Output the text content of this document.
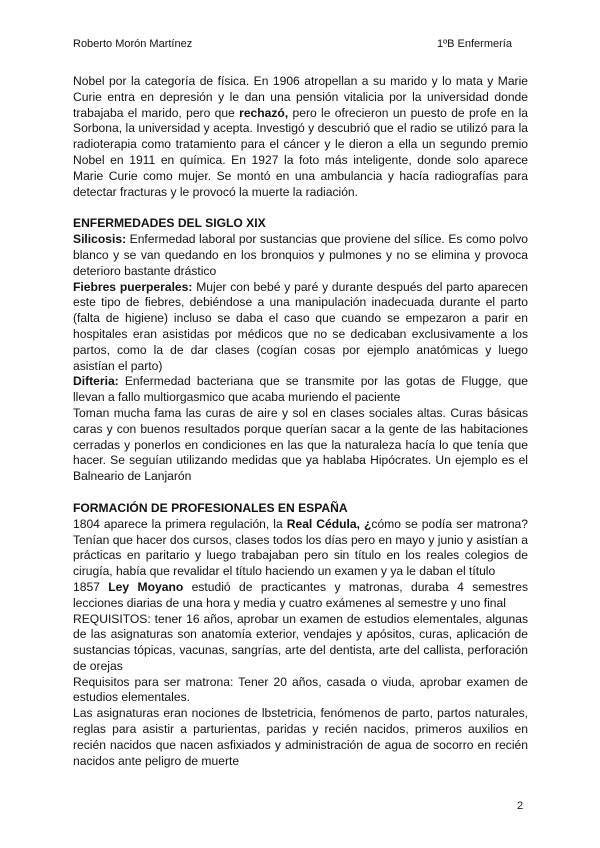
Roberto Morón Martínez	1ºB Enfermería

Nobel por la categoría de física. En 1906 atropellan a su marido y lo mata y Marie Curie entra en depresión y le dan una pensión vitalicia por la universidad donde trabajaba el marido, pero que rechazó, pero le ofrecieron un puesto de profe en la Sorbona, la universidad y acepta. Investigó y descubrió que el radio se utilizó para la radioterapia como tratamiento para el cáncer y le dieron a ella un segundo premio Nobel en 1911 en química. En 1927 la foto más inteligente, donde solo aparece Marie Curie como mujer. Se montó en una ambulancia y hacía radiografías para detectar fracturas y le provocó la muerte la radiación.

ENFERMEDADES DEL SIGLO XIX

Silicosis: Enfermedad laboral por sustancias que proviene del sílice. Es como polvo blanco y se van quedando en los bronquios y pulmones y no se elimina y provoca deterioro bastante drástico

Fiebres puerperales: Mujer con bebé y paré y durante después del parto aparecen este tipo de fiebres, debiéndose a una manipulación inadecuada durante el parto (falta de higiene) incluso se daba el caso que cuando se empezaron a parir en hospitales eran asistidas por médicos que no se dedicaban exclusivamente a los partos, como la de dar clases (cogían cosas por ejemplo anatómicas y luego asistían el parto)

Difteria: Enfermedad bacteriana que se transmite por las gotas de Flugge, que llevan a fallo multiorgasmico que acaba muriendo el paciente

Toman mucha fama las curas de aire y sol en clases sociales altas. Curas básicas caras y con buenos resultados porque querían sacar a la gente de las habitaciones cerradas y ponerlos en condiciones en las que la naturaleza hacía lo que tenía que hacer. Se seguían utilizando medidas que ya hablaba Hipócrates. Un ejemplo es el Balneario de Lanjarón

FORMACIÓN DE PROFESIONALES EN ESPAÑA

1804 aparece la primera regulación, la Real Cédula, ¿cómo se podía ser matrona? Tenían que hacer dos cursos, clases todos los días pero en mayo y junio y asistían a prácticas en paritario y luego trabajaban pero sin título en los reales colegios de cirugía, había que revalidar el título haciendo un examen y ya le daban el título

1857 Ley Moyano estudió de practicantes y matronas, duraba 4 semestres lecciones diarias de una hora y media y cuatro exámenes al semestre y uno final

REQUISITOS: tener 16 años, aprobar un examen de estudios elementales, algunas de las asignaturas son anatomía exterior, vendajes y apósitos, curas, aplicación de sustancias tópicas, vacunas, sangrías, arte del dentista, arte del callista, perforación de orejas

Requisitos para ser matrona: Tener 20 años, casada o viuda, aprobar examen de estudios elementales.

Las asignaturas eran nociones de lbstetricia, fenómenos de parto, partos naturales, reglas para asistir a parturientas, paridas y recién nacidos, primeros auxilios en recién nacidos que nacen asfixiados y administración de agua de socorro en recién nacidos ante peligro de muerte

2
